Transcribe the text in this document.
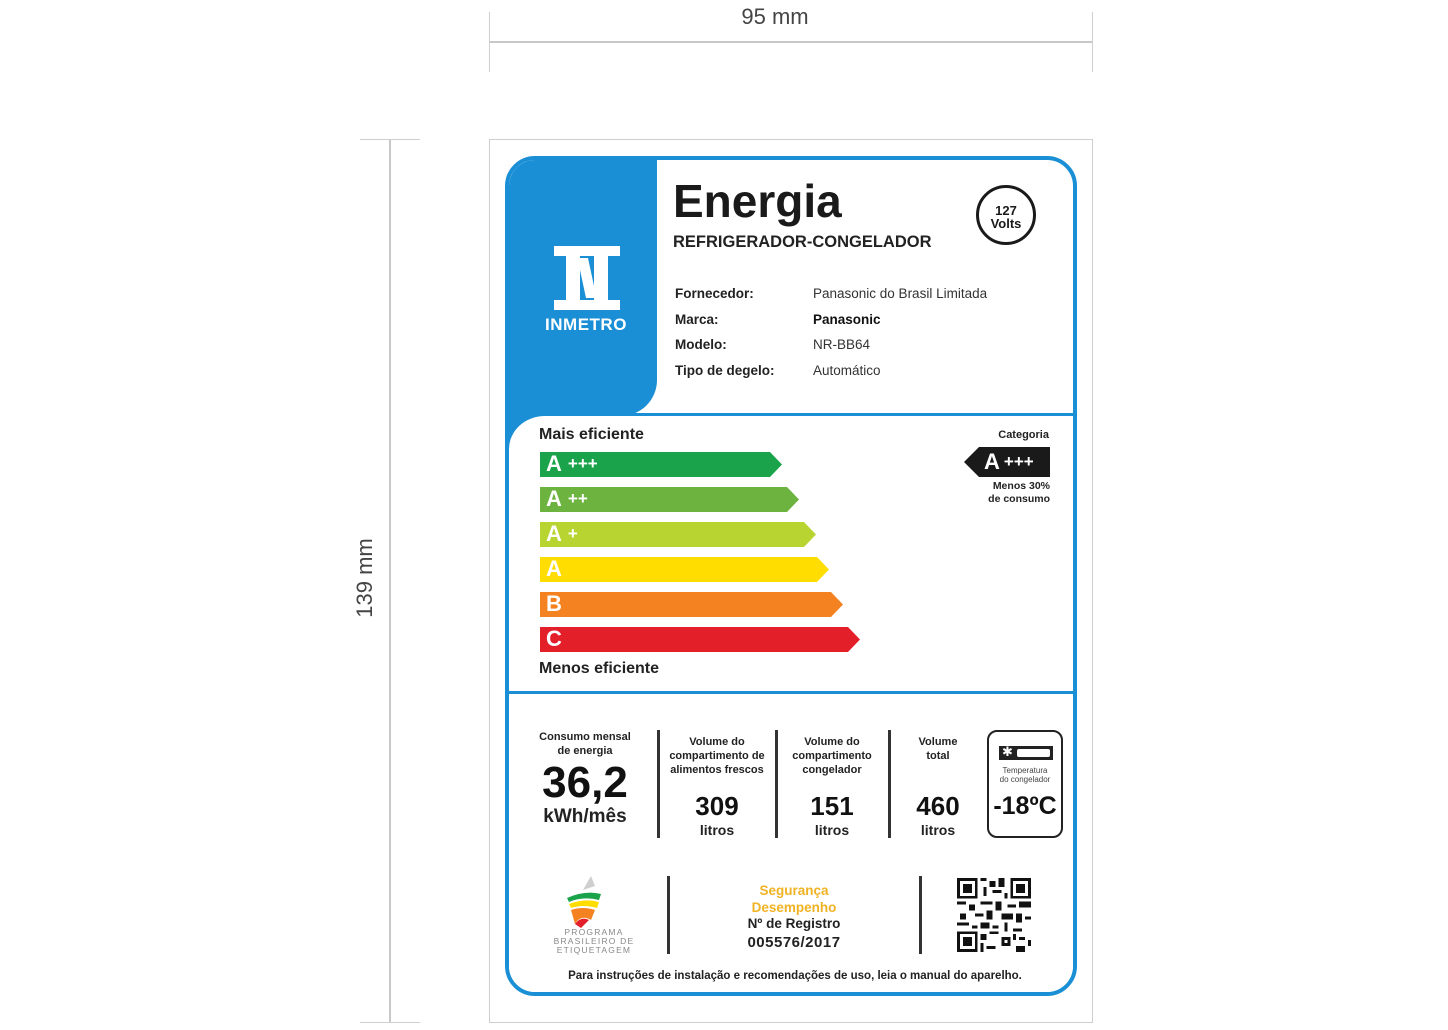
95 mm
139 mm
INMETRO
Energia
REFRIGERADOR-CONGELADOR
127
Volts
Fornecedor:	Panasonic do Brasil Limitada
Marca:	Panasonic
Modelo:	NR-BB64
Tipo de degelo:	Automático
Mais eficiente
A +++
A ++
A +
A
B
C
Menos eficiente
Categoria
A +++
Menos 30%
de consumo
Consumo mensal
de energia
36,2
kWh/mês
Volume do
compartimento de
alimentos frescos
309
litros
Volume do
compartimento
congelador
151
litros
Volume
total
460
litros
✱
Temperatura
do congelador
-18ºC
PROGRAMA
BRASILEIRO DE
ETIQUETAGEM
Segurança
Desempenho
Nº de Registro
005576/2017
Para instruções de instalação e recomendações de uso, leia o manual do aparelho.
